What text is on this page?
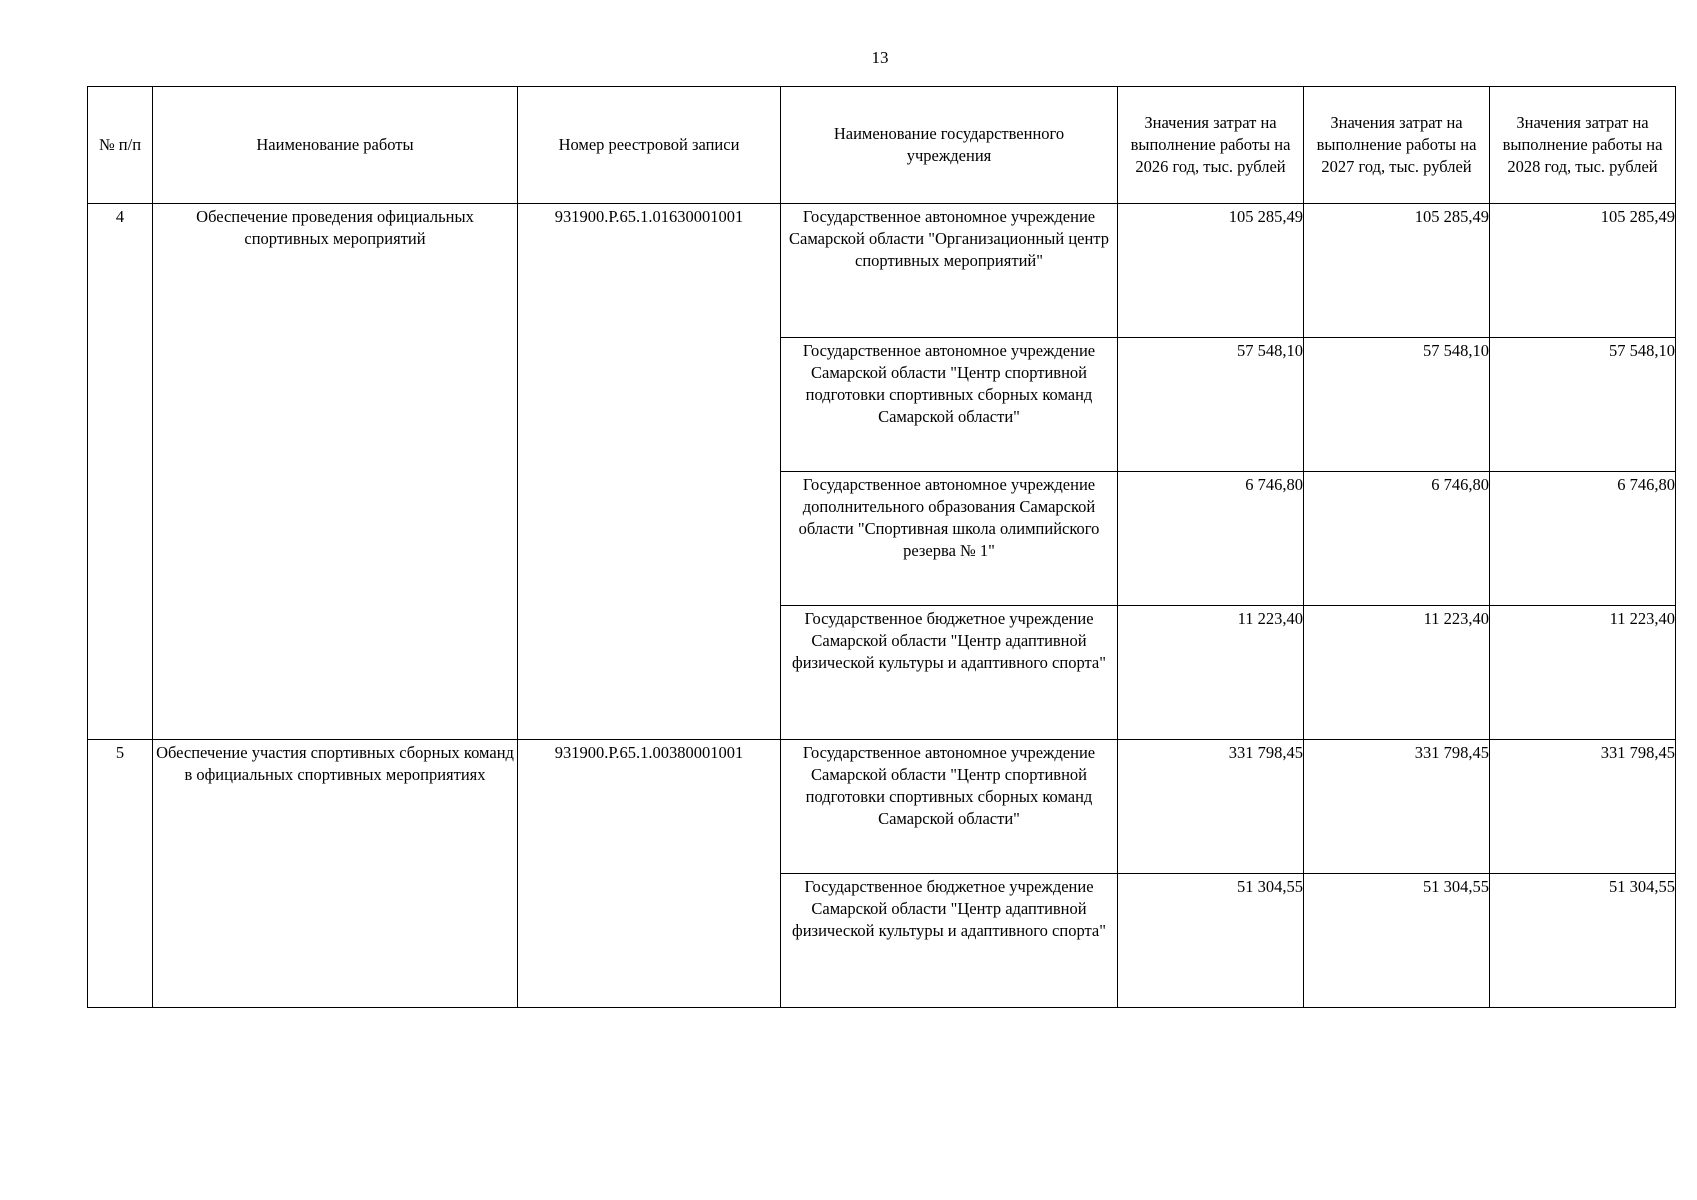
13
№ п/п	Наименование работы	Номер реестровой записи	Наименование государственного учреждения	Значения затрат на выполнение работы на 2026 год, тыс. рублей	Значения затрат на выполнение работы на 2027 год, тыс. рублей	Значения затрат на выполнение работы на 2028 год, тыс. рублей
4	Обеспечение проведения официальных спортивных мероприятий	931900.Р.65.1.01630001001	Государственное автономное учреждение Самарской области "Организационный центр спортивных мероприятий"	105 285,49	105 285,49	105 285,49
			Государственное автономное учреждение Самарской области "Центр спортивной подготовки спортивных сборных команд Самарской области"	57 548,10	57 548,10	57 548,10
			Государственное автономное учреждение дополнительного образования Самарской области "Спортивная школа олимпийского резерва № 1"	6 746,80	6 746,80	6 746,80
			Государственное бюджетное учреждение Самарской области "Центр адаптивной физической культуры и адаптивного спорта"	11 223,40	11 223,40	11 223,40
5	Обеспечение участия спортивных сборных команд в официальных спортивных мероприятиях	931900.Р.65.1.00380001001	Государственное автономное учреждение Самарской области "Центр спортивной подготовки спортивных сборных команд Самарской области"	331 798,45	331 798,45	331 798,45
			Государственное бюджетное учреждение Самарской области "Центр адаптивной физической культуры и адаптивного спорта"	51 304,55	51 304,55	51 304,55
